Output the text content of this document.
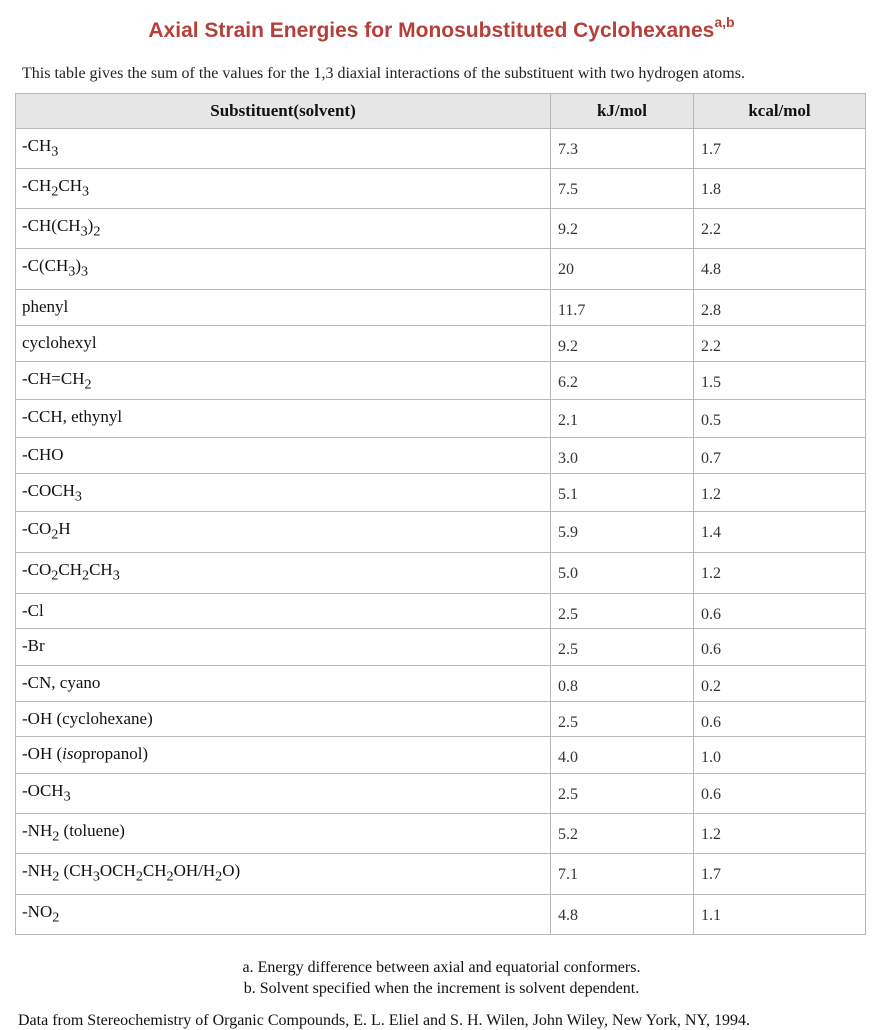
Axial Strain Energies for Monosubstituted Cyclohexanes$^{a,b}$
This table gives the sum of the values for the 1,3 diaxial interactions of the substituent with two hydrogen atoms.
Substituent(solvent)	kJ/mol	kcal/mol
$-CH_3$	7.3	1.7
$-CH_2CH_3$	7.5	1.8
$-CH(CH_3)_2$	9.2	2.2
$-C(CH_3)_3$	20	4.8
phenyl	11.7	2.8
cyclohexyl	9.2	2.2
$-CH=CH_2$	6.2	1.5
-CCH, ethynyl	2.1	0.5
-CHO	3.0	0.7
$-COCH_3$	5.1	1.2
$-CO_2H$	5.9	1.4
$-CO_2CH_2CH_3$	5.0	1.2
-Cl	2.5	0.6
-Br	2.5	0.6
-CN, cyano	0.8	0.2
-OH (cyclohexane)	2.5	0.6
-OH (isopropanol)	4.0	1.0
$-OCH_3$	2.5	0.6
$-NH_2$ (toluene)	5.2	1.2
$-NH_2$ $(CH_3OCH_2CH_2OH/H_2O)$	7.1	1.7
$-NO_2$	4.8	1.1
a. Energy difference between axial and equatorial conformers.
b. Solvent specified when the increment is solvent dependent.
Data from Stereochemistry of Organic Compounds, E. L. Eliel and S. H. Wilen, John Wiley, New York, NY, 1994.
